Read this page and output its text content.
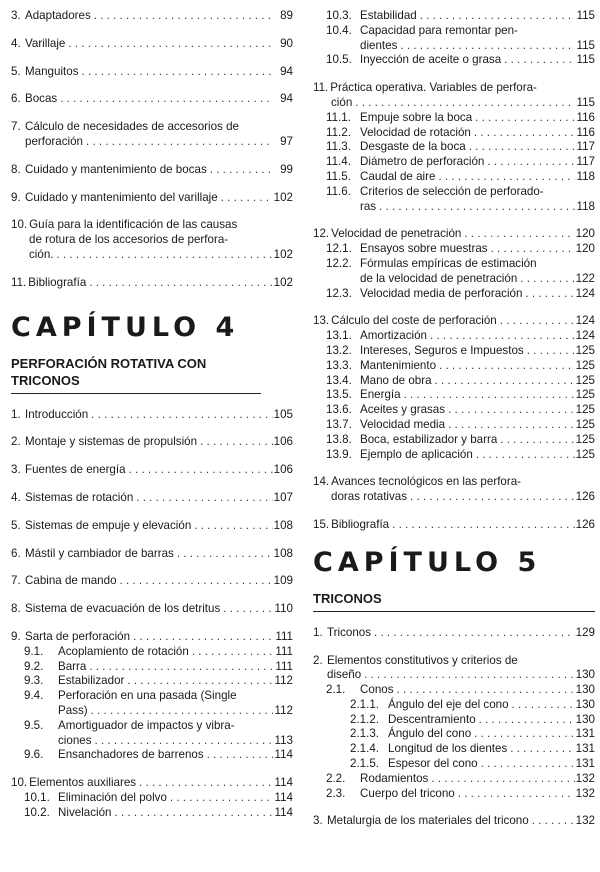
3. Adaptadores . . .	89
4. Varillaje . . .	90
5. Manguitos . . .	94
6. Bocas . . .	94
7. Cálculo de necesidades de accesorios de
perforación . . .	97
8. Cuidado y mantenimiento de bocas . . .	99
9. Cuidado y mantenimiento del varillaje . . .	102
10. Guía para la identificación de las causas
de rotura de los accesorios de perfora-
ción. . . .	102
11. Bibliografía . . .	102
CAPÍTULO 4
PERFORACIÓN ROTATIVA CON TRICONOS
1. Introducción . . .	105
2. Montaje y sistemas de propulsión . . .	106
3. Fuentes de energía . . .	106
4. Sistemas de rotación . . .	107
5. Sistemas de empuje y elevación . . .	108
6. Mástil y cambiador de barras . . .	108
7. Cabina de mando . . .	109
8. Sistema de evacuación de los detritus . . .	110
9. Sarta de perforación . . .	111
9.1.	Acoplamiento de rotación . . .	111
9.2.	Barra . . .	111
9.3.	Estabilizador . . .	112
9.4.	Perforación en una pasada (Single
Pass) . . .	112
9.5.	Amortiguador de impactos y vibra-
ciones . . .	113
9.6.	Ensanchadores de barrenos . . .	114
10. Elementos auxiliares . . .	114
10.1. Eliminación del polvo . . .	114
10.2. Nivelación . . .	114
10.3. Estabilidad . . .	115
10.4. Capacidad para remontar pen-
dientes . . .	115
10.5. Inyección de aceite o grasa . . .	115
11. Práctica operativa. Variables de perfora-
ción . . .	115
11.1. Empuje sobre la boca . . .	116
11.2. Velocidad de rotación . . .	116
11.3. Desgaste de la boca . . .	117
11.4. Diámetro de perforación . . .	117
11.5. Caudal de aire . . .	118
11.6. Criterios de selección de perforado-
ras . . .	118
12. Velocidad de penetración . . .	120
12.1. Ensayos sobre muestras . . .	120
12.2. Fórmulas empíricas de estimación
de la velocidad de penetración . . .	122
12.3. Velocidad media de perforación . . .	124
13. Cálculo del coste de perforación . . .	124
13.1. Amortización . . .	124
13.2. Intereses, Seguros e Impuestos . . .	125
13.3. Mantenimiento . . .	125
13.4. Mano de obra . . .	125
13.5. Energía . . .	125
13.6. Aceites y grasas . . .	125
13.7. Velocidad media . . .	125
13.8. Boca, estabilizador y barra . . .	125
13.9. Ejemplo de aplicación . . .	125
14. Avances tecnológicos en las perfora-
doras rotativas . . .	126
15. Bibliografía . . .	126
CAPÍTULO 5
TRICONOS
1. Triconos . . .	129
2. Elementos constitutivos y criterios de
diseño . . .	130
2.1.	Conos . . .	130
2.1.1. Ángulo del eje del cono . . .	130
2.1.2. Descentramiento . . .	130
2.1.3. Ángulo del cono . . .	131
2.1.4. Longitud de los dientes . . .	131
2.1.5. Espesor del cono . . .	131
2.2.	Rodamientos . . .	132
2.3.	Cuerpo del tricono . . .	132
3. Metalurgia de los materiales del tricono . . .	132
